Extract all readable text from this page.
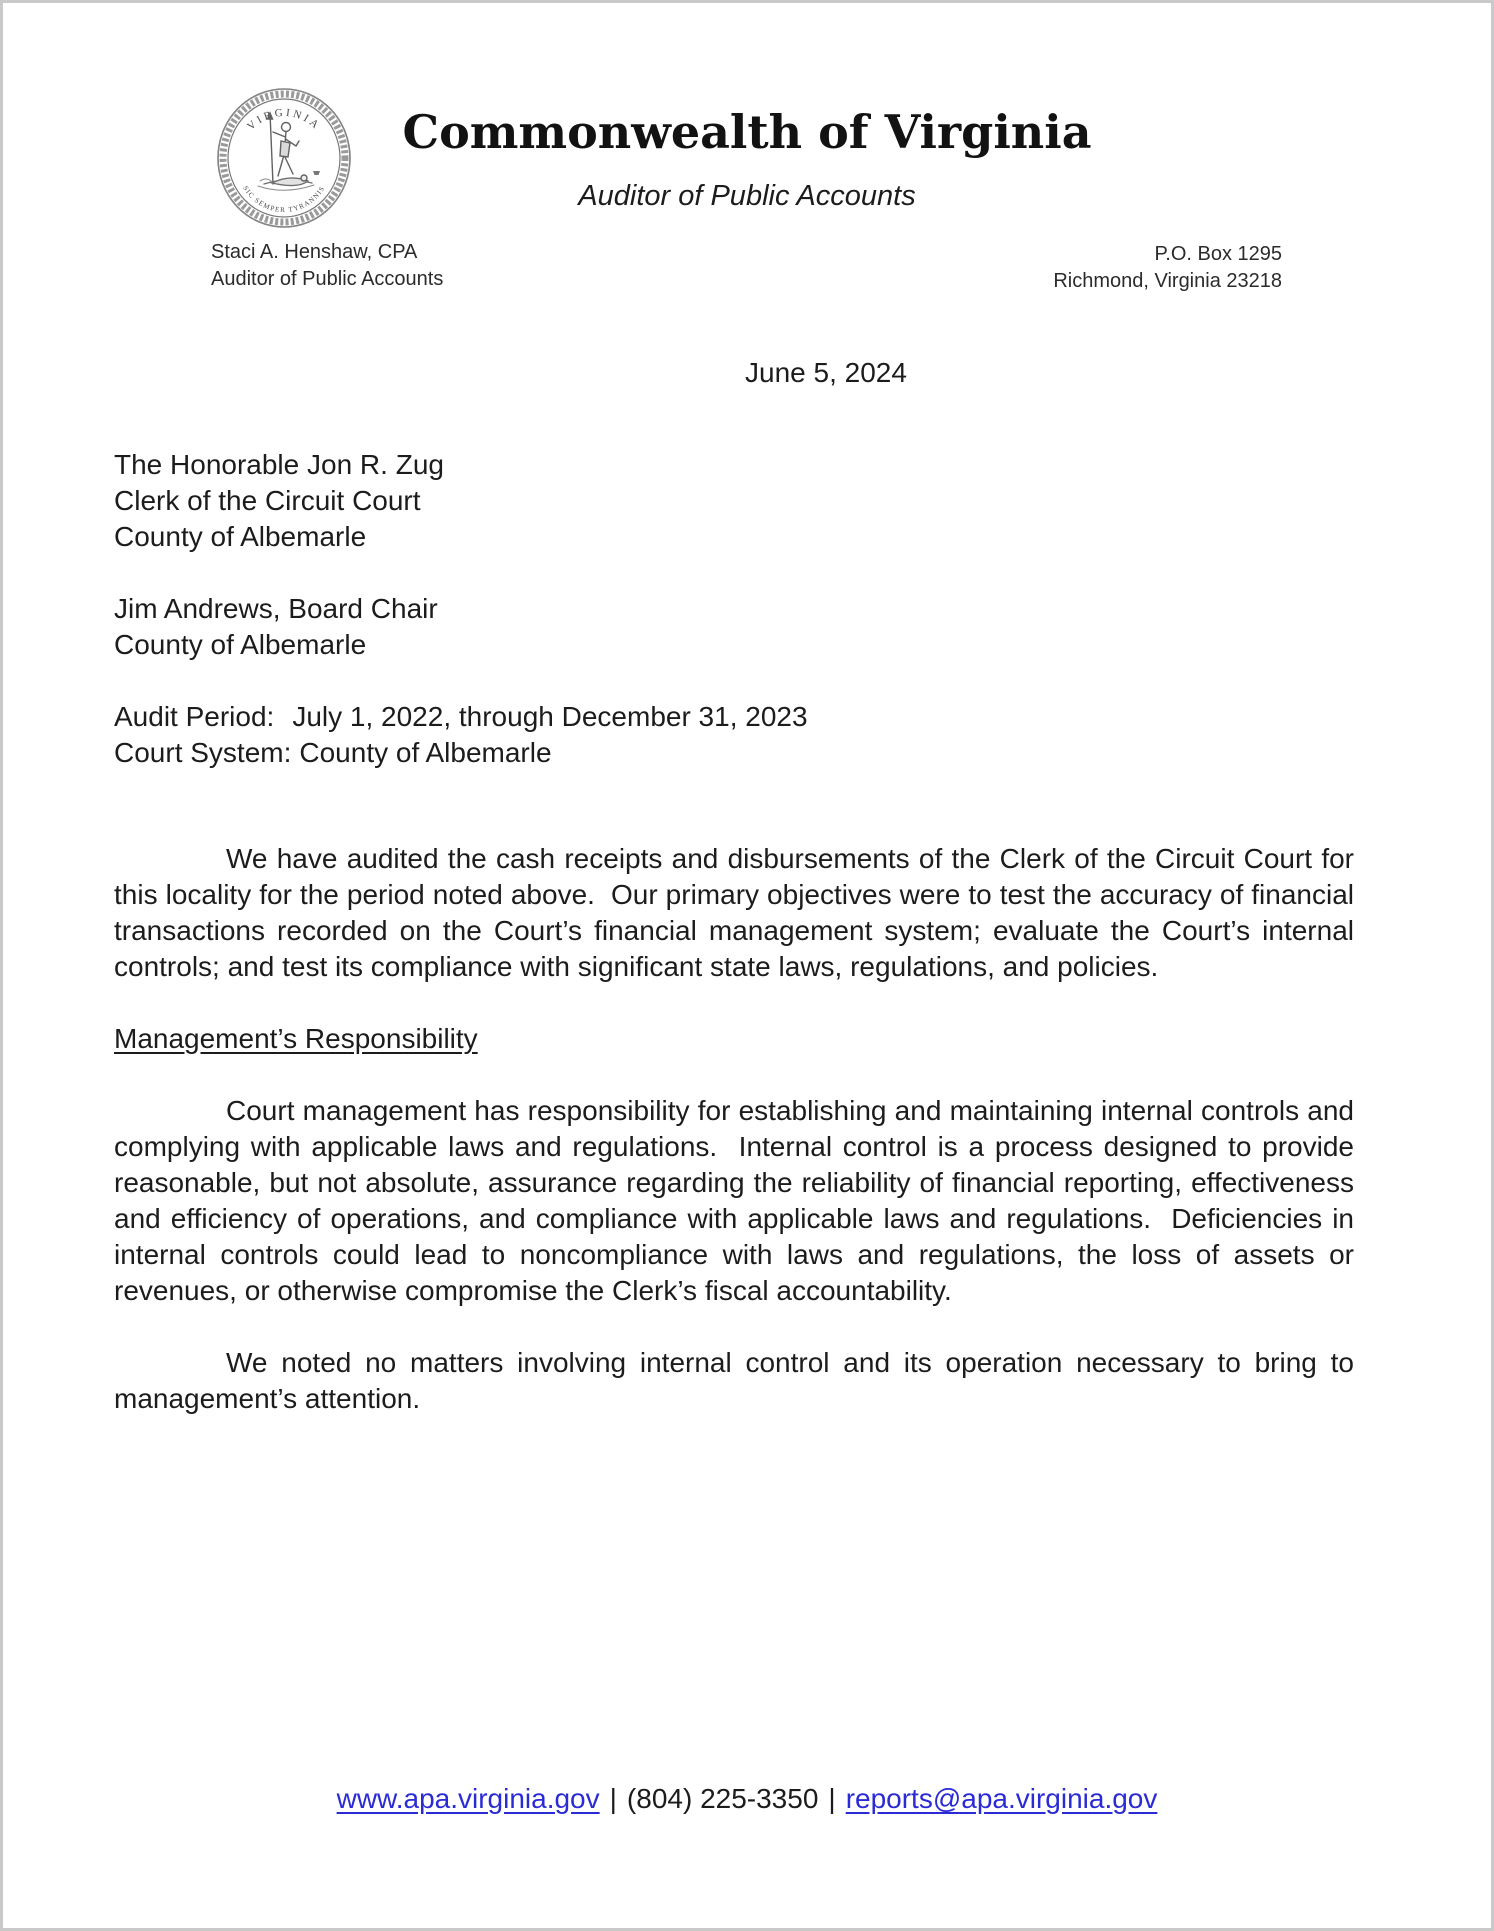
VI GINIA
SIC SEMPER TYRANNIS
Commonwealth of Virginia
Auditor of Public Accounts
Staci A. Henshaw, CPA
Auditor of Public Accounts
P.O. Box 1295
Richmond, Virginia 23218
June 5, 2024
The Honorable Jon R. Zug
Clerk of the Circuit Court
County of Albemarle
Jim Andrews, Board Chair
County of Albemarle
Audit Period: July 1, 2022, through December 31, 2023
Court System: County of Albemarle

We have audited the cash receipts and disbursements of the Clerk of the Circuit Court for this locality for the period noted above.  Our primary objectives were to test the accuracy of financial transactions recorded on the Court’s financial management system; evaluate the Court’s internal controls; and test its compliance with significant state laws, regulations, and policies.

Management’s Responsibility

Court management has responsibility for establishing and maintaining internal controls and complying with applicable laws and regulations.  Internal control is a process designed to provide reasonable, but not absolute, assurance regarding the reliability of financial reporting, effectiveness and efficiency of operations, and compliance with applicable laws and regulations.  Deficiencies in internal controls could lead to noncompliance with laws and regulations, the loss of assets or revenues, or otherwise compromise the Clerk’s fiscal accountability.

We noted no matters involving internal control and its operation necessary to bring to management’s attention.

www.apa.virginia.gov | (804) 225-3350 | reports@apa.virginia.gov
